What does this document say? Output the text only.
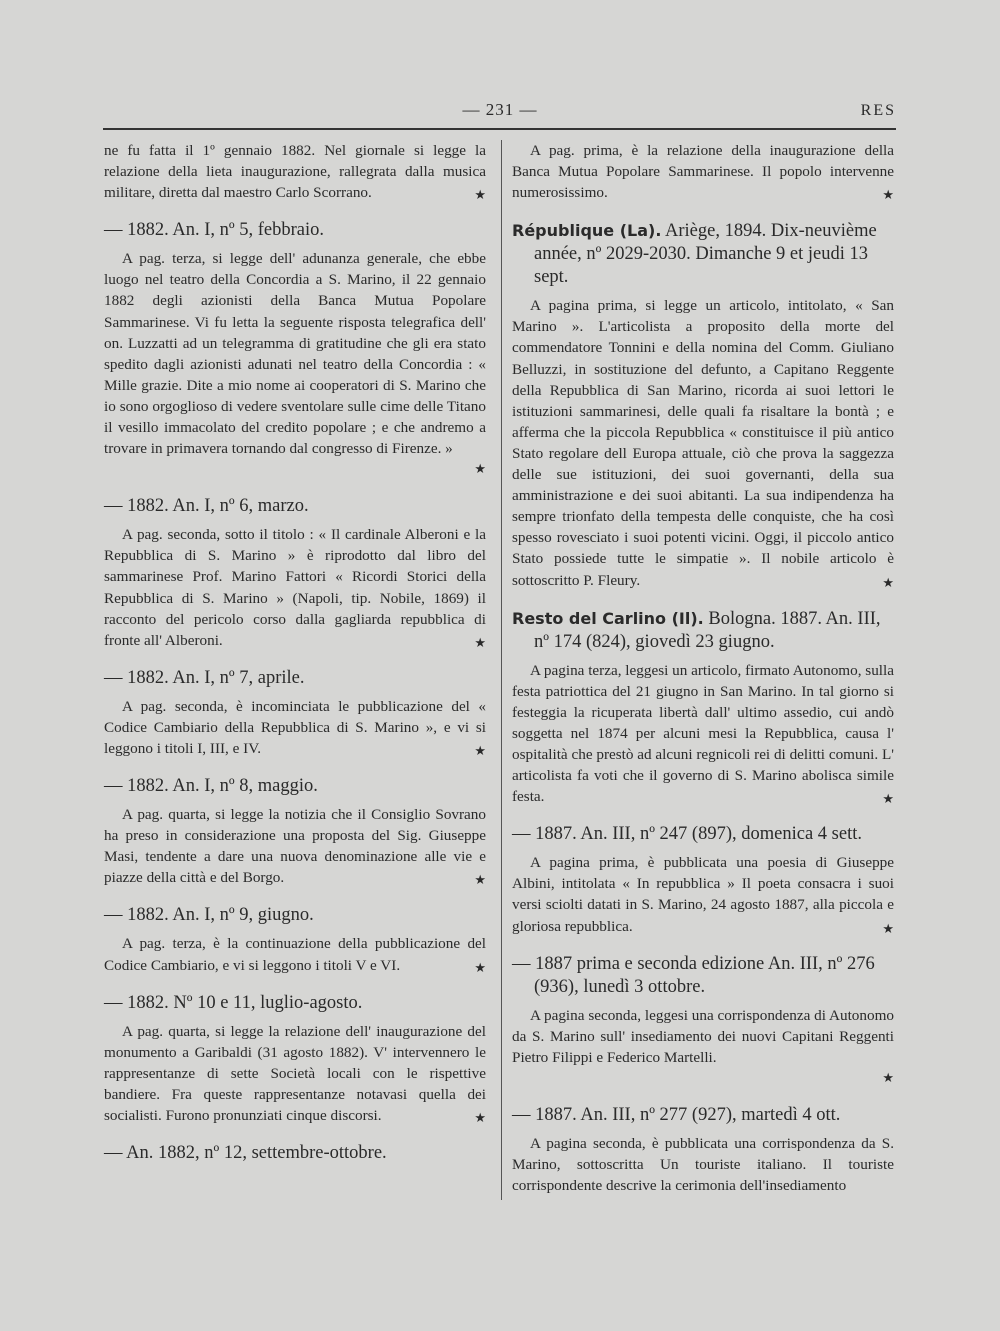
— 231 —	RES

ne fu fatta il 1º gennaio 1882. Nel giornale si legge la relazione della lieta inaugurazione, rallegrata dalla musica militare, diretta dal maestro Carlo Scorrano.	★

— 1882. An. I, nº 5, febbraio.

A pag. terza, si legge dell' adunanza generale, che ebbe luogo nel teatro della Concordia a S. Marino, il 22 gennaio 1882 degli azionisti della Banca Mutua Popolare Sammarinese. Vi fu letta la seguente risposta telegrafica dell' on. Luzzatti ad un telegramma di gratitudine che gli era stato spedito dagli azionisti adunati nel teatro della Concordia : « Mille grazie. Dite a mio nome ai cooperatori di S. Marino che io sono orgoglioso di vedere sventolare sulle cime delle Titano il vesillo immacolato del credito popolare ; e che andremo a trovare in primavera tornando dal congresso di Firenze. »

★
— 1882. An. I, nº 6, marzo.

A pag. seconda, sotto il titolo : « Il cardinale Alberoni e la Repubblica di S. Marino » è riprodotto dal libro del sammarinese Prof. Marino Fattori « Ricordi Storici della Repubblica di S. Marino » (Napoli, tip. Nobile, 1869) il racconto del pericolo corso dalla gagliarda repubblica di fronte all' Alberoni.	★

— 1882. An. I, nº 7, aprile.

A pag. seconda, è incominciata le pubblicazione del « Codice Cambiario della Repubblica di S. Marino », e vi si leggono i titoli I, III, e IV.	★

— 1882. An. I, nº 8, maggio.

A pag. quarta, si legge la notizia che il Consiglio Sovrano ha preso in considerazione una proposta del Sig. Giuseppe Masi, tendente a dare una nuova denominazione alle vie e piazze della città e del Borgo.	★

— 1882. An. I, nº 9, giugno.

A pag. terza, è la continuazione della pubblicazione del Codice Cambiario, e vi si leggono i titoli V e VI.	★

— 1882. Nº 10 e 11, luglio-agosto.

A pag. quarta, si legge la relazione dell' inaugurazione del monumento a Garibaldi (31 agosto 1882). V' intervennero le rappresentanze di sette Società locali con le rispettive bandiere. Fra queste rappresentanze notavasi quella dei socialisti. Furono pronunziati cinque discorsi.	★

— An. 1882, nº 12, settembre-ottobre.

A pag. prima, è la relazione della inaugurazione della Banca Mutua Popolare Sammarinese. Il popolo intervenne numerosissimo.	★

République (La). Ariège, 1894. Dix-neuvième année, nº 2029-2030. Dimanche 9 et jeudi 13 sept.

A pagina prima, si legge un articolo, intitolato, « San Marino ». L'articolista a proposito della morte del commendatore Tonnini e della nomina del Comm. Giuliano Belluzzi, in sostituzione del defunto, a Capitano Reggente della Repubblica di San Marino, ricorda ai suoi lettori le istituzioni sammarinesi, delle quali fa risaltare la bontà ; e afferma che la piccola Repubblica « constituisce il più antico Stato regolare dell Europa attuale, ciò che prova la saggezza delle sue istituzioni, dei suoi governanti, della sua amministrazione e dei suoi abitanti. La sua indipendenza ha sempre trionfato della tempesta delle conquiste, che ha così spesso rovesciato i suoi potenti vicini. Oggi, il piccolo antico Stato possiede tutte le simpatie ». Il nobile articolo è sottoscritto P. Fleury.	★

Resto del Carlino (Il). Bologna. 1887. An. III, nº 174 (824), giovedì 23 giugno.

A pagina terza, leggesi un articolo, firmato Autonomo, sulla festa patriottica del 21 giugno in San Marino. In tal giorno si festeggia la ricuperata libertà dall' ultimo assedio, cui andò soggetta nel 1874 per alcuni mesi la Repubblica, causa l' ospitalità che prestò ad alcuni regnicoli rei di delitti comuni. L' articolista fa voti che il governo di S. Marino abolisca simile festa.	★

— 1887. An. III, nº 247 (897), domenica 4 sett.

A pagina prima, è pubblicata una poesia di Giuseppe Albini, intitolata « In repubblica » Il poeta consacra i suoi versi sciolti datati in S. Marino, 24 agosto 1887, alla piccola e gloriosa repubblica.	★

— 1887 prima e seconda edizione An. III, nº 276 (936), lunedì 3 ottobre.

A pagina seconda, leggesi una corrispondenza di Autonomo da S. Marino sull' insediamento dei nuovi Capitani Reggenti Pietro Filippi e Federico Martelli.

★
— 1887. An. III, nº 277 (927), martedì 4 ott.

A pagina seconda, è pubblicata una corrispondenza da S. Marino, sottoscritta Un touriste italiano. Il touriste corrispondente descrive la cerimonia dell'insediamento
